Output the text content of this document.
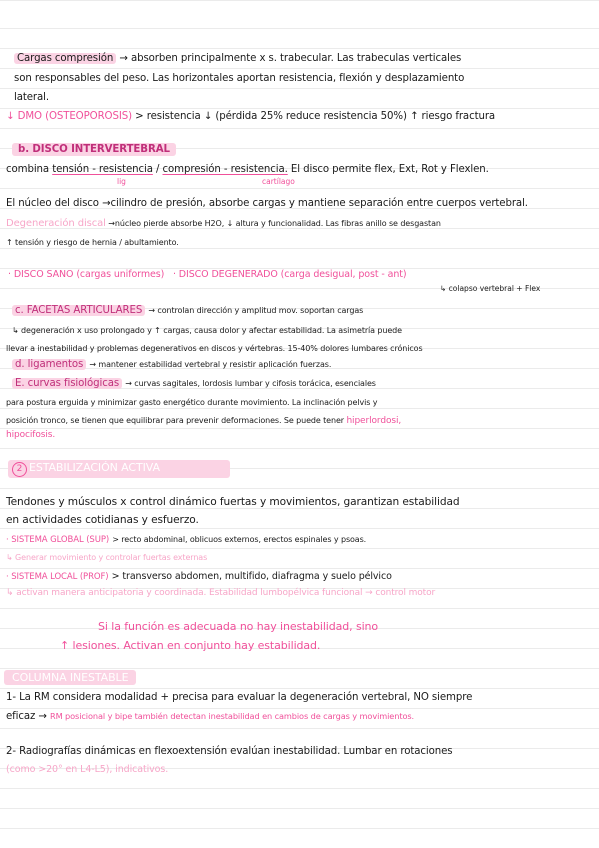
Cargas compresión → absorben principalmente x s. trabecular. Las trabeculas verticales
son responsables del peso. Las horizontales aportan resistencia, flexión y desplazamiento
lateral.
↓ DMO (OSTEOPOROSIS) > resistencia ↓ (pérdida 25% reduce resistencia 50%) ↑ riesgo fractura
b. DISCO INTERVERTEBRAL
combina tensión - resistencia / compresión - resistencia. El disco permite flex, Ext, Rot y Flexlen.
lig	cartílago
El núcleo del disco →cilindro de presión, absorbe cargas y mantiene separación entre cuerpos vertebral.
Degeneración discal →núcleo pierde absorbe H2O, ↓ altura y funcionalidad. Las fibras anillo se desgastan
↑ tensión y riesgo de hernia / abultamiento.
· DISCO SANO (cargas uniformes) · DISCO DEGENERADO (carga desigual, post - ant)
↳ colapso vertebral + Flex
c. FACETAS ARTICULARES → controlan dirección y amplitud mov. soportan cargas
↳ degeneración x uso prolongado y ↑ cargas, causa dolor y afectar estabilidad. La asimetría puede
llevar a inestabilidad y problemas degenerativos en discos y vértebras. 15-40% dolores lumbares crónicos
d. ligamentos → mantener estabilidad vertebral y resistir aplicación fuerzas.
E. curvas fisiológicas → curvas sagitales, lordosis lumbar y cifosis torácica, esenciales
para postura erguida y minimizar gasto energético durante movimiento. La inclinación pelvis y
posición tronco, se tienen que equilibrar para prevenir deformaciones. Se puede tener hiperlordosi,
hipocifosis.
2 ESTABILIZACIÓN ACTIVA
Tendones y músculos x control dinámico fuertas y movimientos, garantizan estabilidad
en actividades cotidianas y esfuerzo.
· SISTEMA GLOBAL (SUP) > recto abdominal, oblicuos externos, erectos espinales y psoas.
↳ Generar movimiento y controlar fuertas externas
· SISTEMA LOCAL (PROF) > transverso abdomen, multifido, diafragma y suelo pélvico
↳ activan manera anticipatoria y coordinada. Estabilidad lumbopélvica funcional → control motor
Si la función es adecuada no hay inestabilidad, sino
↑ lesiones. Activan en conjunto hay estabilidad.
COLUMNA INESTABLE
1- La RM considera modalidad + precisa para evaluar la degeneración vertebral, NO siempre
eficaz → RM posicional y bipe también detectan inestabilidad en cambios de cargas y movimientos.
2- Radiografías dinámicas en flexoextensión evalúan inestabilidad. Lumbar en rotaciones
(como >20° en L4-L5), indicativos.
